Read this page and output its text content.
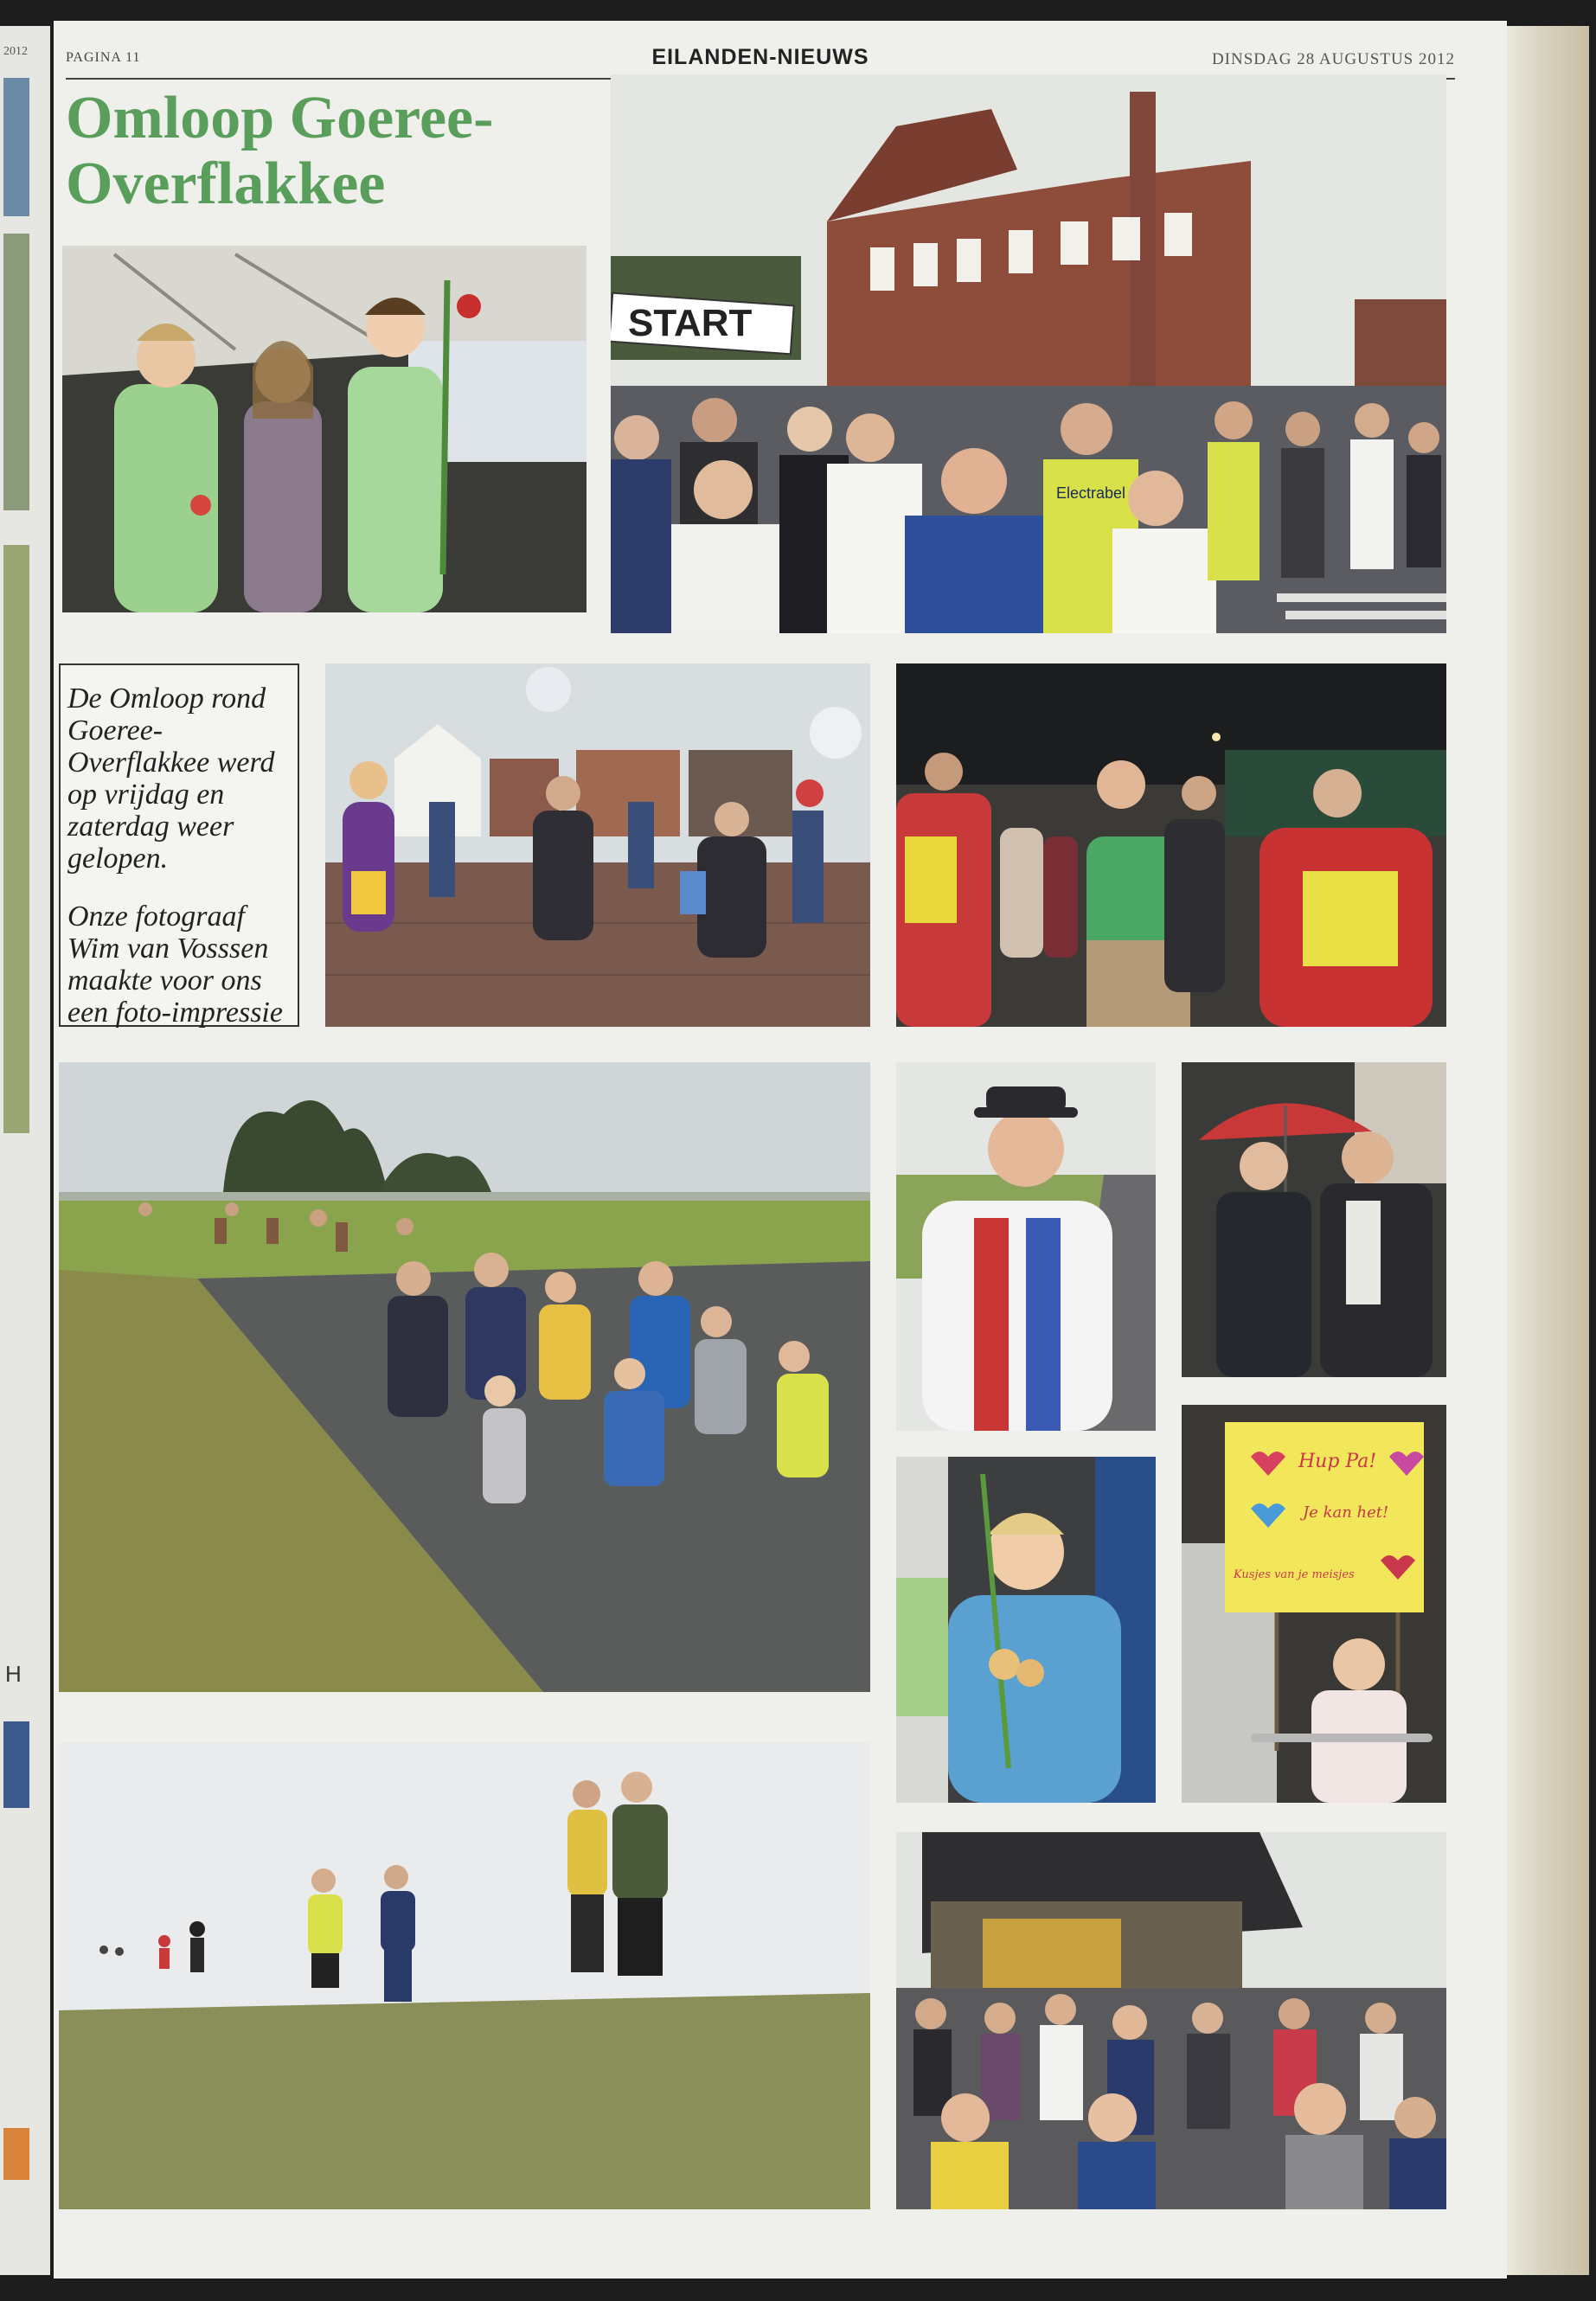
2012
H
PAGINA 11	EILANDEN-NIEUWS	DINSDAG 28 AUGUSTUS 2012
Omloop Goeree-
Overflakkee
START
Electrabel

De Omloop rond Goeree-Overflakkee werd op vrijdag en zaterdag weer gelopen.

Onze fotograaf Wim van Vosssen maakte voor ons een foto-impressie

Hup Pa!
Je kan het!
Kusjes van je meisjes
